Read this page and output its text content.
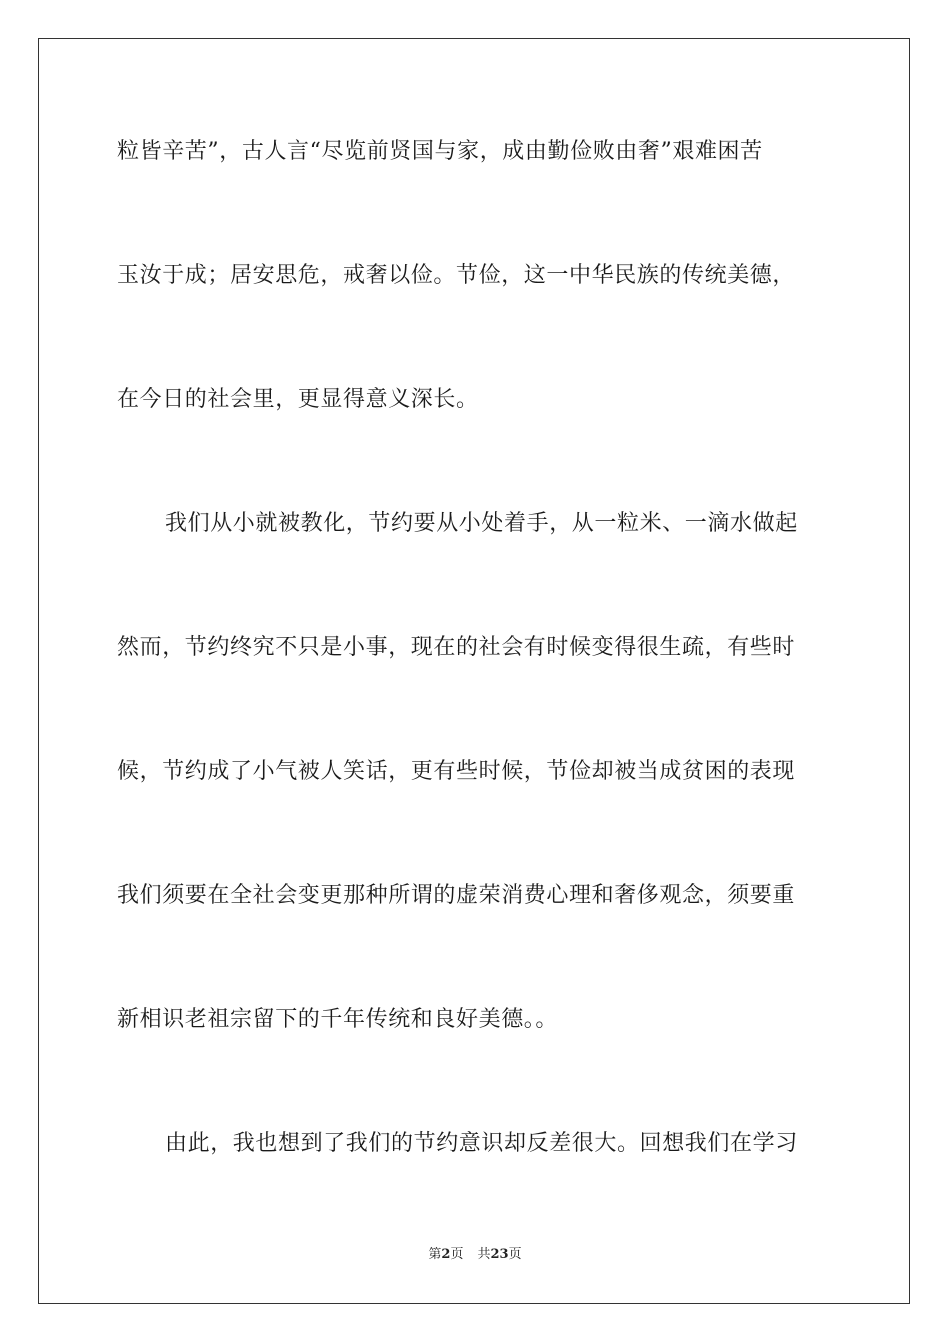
粒皆辛苦”，古人言“尽览前贤国与家，成由勤俭败由奢”艰难困苦
玉汝于成；居安思危，戒奢以俭。节俭，这一中华民族的传统美德，
在今日的社会里，更显得意义深长。
我们从小就被教化，节约要从小处着手，从一粒米、一滴水做起
然而，节约终究不只是小事，现在的社会有时候变得很生疏，有些时
候，节约成了小气被人笑话，更有些时候，节俭却被当成贫困的表现
我们须要在全社会变更那种所谓的虚荣消费心理和奢侈观念，须要重
新相识老祖宗留下的千年传统和良好美德。。
由此，我也想到了我们的节约意识却反差很大。回想我们在学习
第2页 共23页
